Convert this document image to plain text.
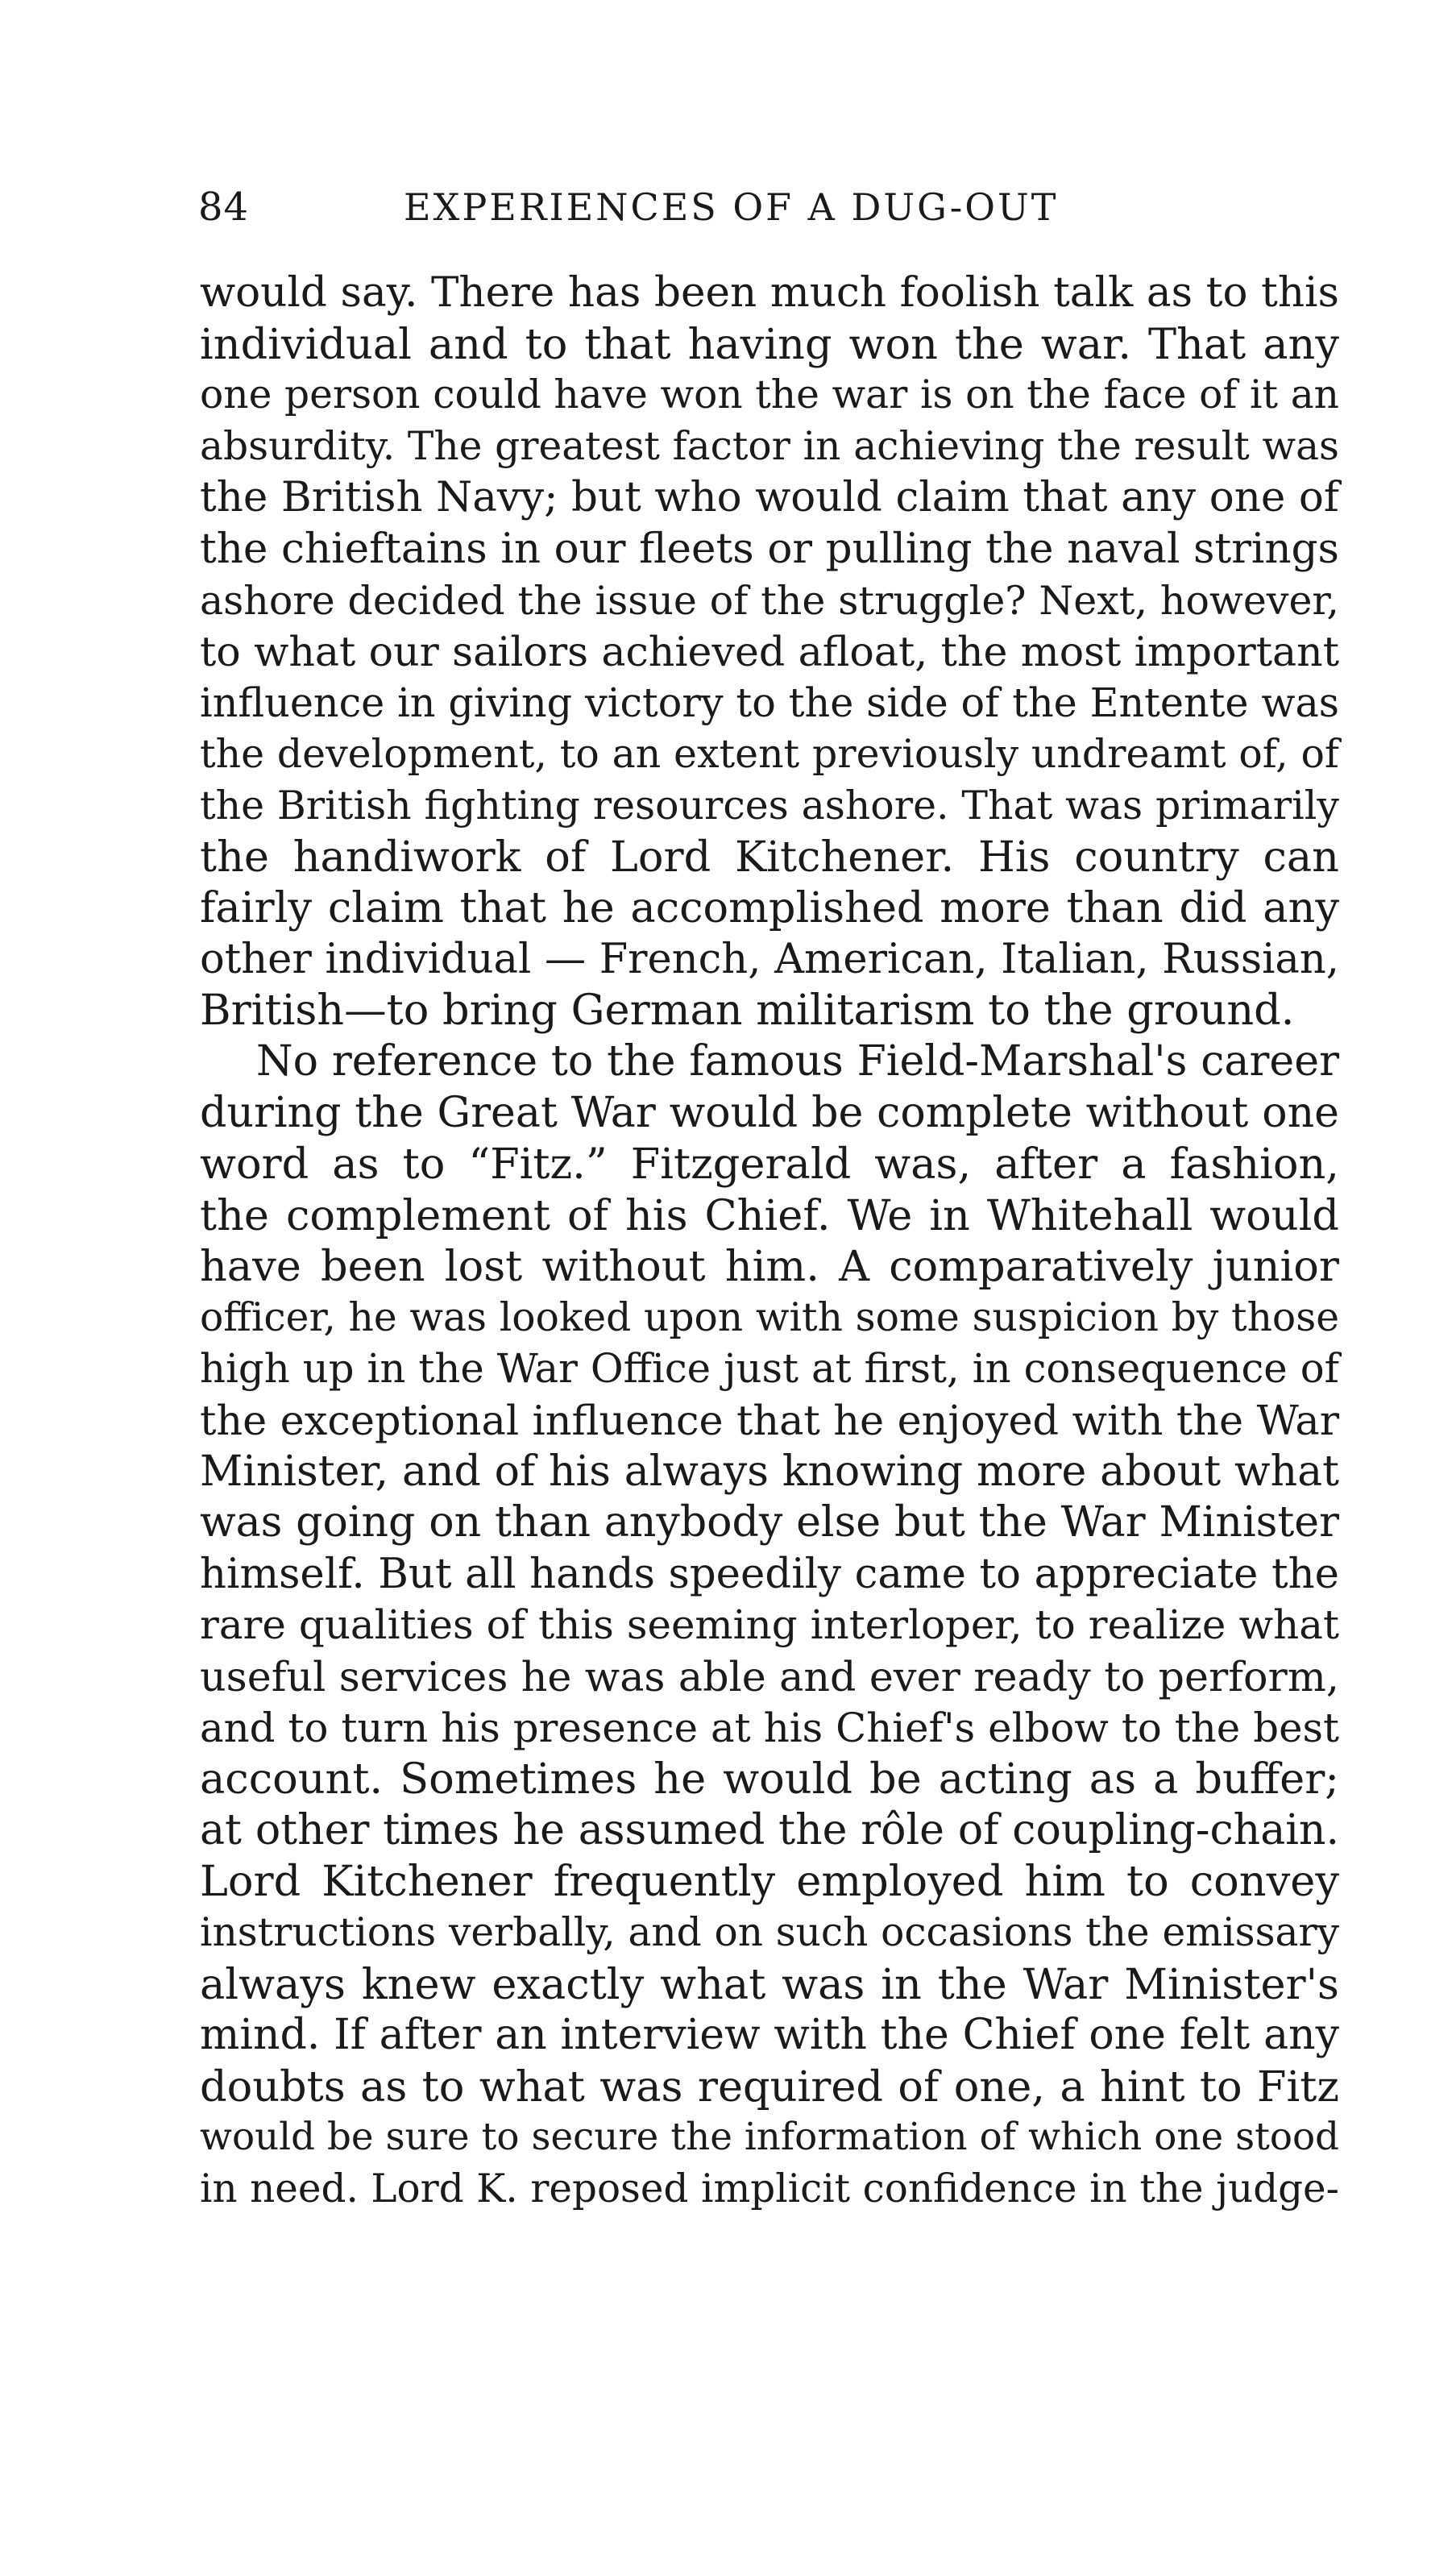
84	EXPERIENCES OF A DUG-OUT
would say. There has been much foolish talk as to this
individual and to that having won the war. That any
one person could have won the war is on the face of it an
absurdity. The greatest factor in achieving the result was
the British Navy; but who would claim that any one of
the chieftains in our fleets or pulling the naval strings
ashore decided the issue of the struggle? Next, however,
to what our sailors achieved afloat, the most important
influence in giving victory to the side of the Entente was
the development, to an extent previously undreamt of, of
the British fighting resources ashore. That was primarily
the handiwork of Lord Kitchener. His country can
fairly claim that he accomplished more than did any
other individual — French, American, Italian, Russian,
British—to bring German militarism to the ground.
No reference to the famous Field-Marshal's career
during the Great War would be complete without one
word as to “Fitz.” Fitzgerald was, after a fashion,
the complement of his Chief. We in Whitehall would
have been lost without him. A comparatively junior
officer, he was looked upon with some suspicion by those
high up in the War Office just at first, in consequence of
the exceptional influence that he enjoyed with the War
Minister, and of his always knowing more about what
was going on than anybody else but the War Minister
himself. But all hands speedily came to appreciate the
rare qualities of this seeming interloper, to realize what
useful services he was able and ever ready to perform,
and to turn his presence at his Chief's elbow to the best
account. Sometimes he would be acting as a buffer;
at other times he assumed the rôle of coupling-chain.
Lord Kitchener frequently employed him to convey
instructions verbally, and on such occasions the emissary
always knew exactly what was in the War Minister's
mind. If after an interview with the Chief one felt any
doubts as to what was required of one, a hint to Fitz
would be sure to secure the information of which one stood
in need. Lord K. reposed implicit confidence in the judge-
